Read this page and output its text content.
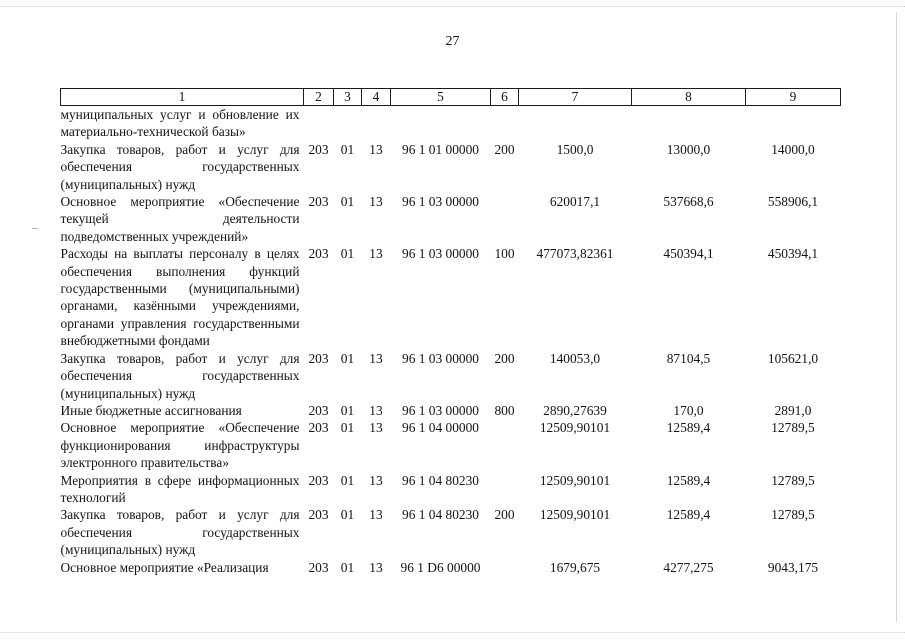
27
1	2	3	4	5	6	7	8	9
муниципальных услуг и обновление их материально-технической базы»								
Закупка товаров, работ и услуг для обеспечения государственных (муниципальных) нужд	203	01	13	96 1 01 00000	200	1500,0	13000,0	14000,0
Основное мероприятие «Обеспечение текущей деятельности подведомственных учреждений»	203	01	13	96 1 03 00000		620017,1	537668,6	558906,1
Расходы на выплаты персоналу в целях обеспечения выполнения функций государственными (муниципальными) органами, казёнными учреждениями, органами управления государственными внебюджетными фондами	203	01	13	96 1 03 00000	100	477073,82361	450394,1	450394,1
Закупка товаров, работ и услуг для обеспечения государственных (муниципальных) нужд	203	01	13	96 1 03 00000	200	140053,0	87104,5	105621,0
Иные бюджетные ассигнования	203	01	13	96 1 03 00000	800	2890,27639	170,0	2891,0
Основное мероприятие «Обеспечение функционирования инфраструктуры электронного правительства»	203	01	13	96 1 04 00000		12509,90101	12589,4	12789,5
Мероприятия в сфере информационных технологий	203	01	13	96 1 04 80230		12509,90101	12589,4	12789,5
Закупка товаров, работ и услуг для обеспечения государственных (муниципальных) нужд	203	01	13	96 1 04 80230	200	12509,90101	12589,4	12789,5
Основное мероприятие «Реализация	203	01	13	96 1 D6 00000		1679,675	4277,275	9043,175
